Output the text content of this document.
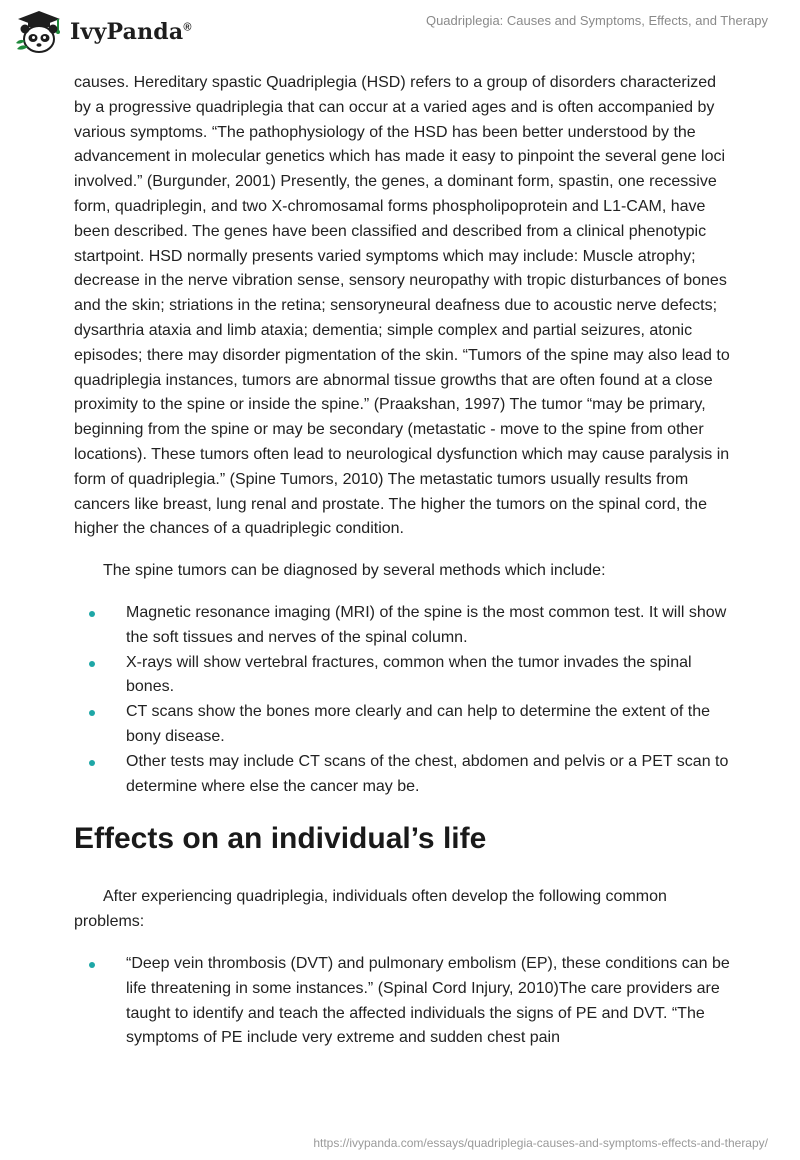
IvyPanda®	Quadriplegia: Causes and Symptoms, Effects, and Therapy

causes. Hereditary spastic Quadriplegia (HSD) refers to a group of disorders characterized by a progressive quadriplegia that can occur at a varied ages and is often accompanied by various symptoms. “The pathophysiology of the HSD has been better understood by the advancement in molecular genetics which has made it easy to pinpoint the several gene loci involved.” (Burgunder, 2001) Presently, the genes, a dominant form, spastin, one recessive form, quadriplegin, and two X-chromosamal forms phospholipoprotein and L1-CAM, have been described. The genes have been classified and described from a clinical phenotypic startpoint. HSD normally presents varied symptoms which may include: Muscle atrophy; decrease in the nerve vibration sense, sensory neuropathy with tropic disturbances of bones and the skin; striations in the retina; sensoryneural deafness due to acoustic nerve defects; dysarthria ataxia and limb ataxia; dementia; simple complex and partial seizures, atonic episodes; there may disorder pigmentation of the skin. “Tumors of the spine may also lead to quadriplegia instances, tumors are abnormal tissue growths that are often found at a close proximity to the spine or inside the spine.” (Praakshan, 1997) The tumor “may be primary, beginning from the spine or may be secondary (metastatic - move to the spine from other locations). These tumors often lead to neurological dysfunction which may cause paralysis in form of quadriplegia.” (Spine Tumors, 2010) The metastatic tumors usually results from cancers like breast, lung renal and prostate. The higher the tumors on the spinal cord, the higher the chances of a quadriplegic condition.

The spine tumors can be diagnosed by several methods which include:

Magnetic resonance imaging (MRI) of the spine is the most common test. It will show the soft tissues and nerves of the spinal column.
X-rays will show vertebral fractures, common when the tumor invades the spinal bones.
CT scans show the bones more clearly and can help to determine the extent of the bony disease.
Other tests may include CT scans of the chest, abdomen and pelvis or a PET scan to determine where else the cancer may be.
Effects on an individual’s life

After experiencing quadriplegia, individuals often develop the following common problems:

“Deep vein thrombosis (DVT) and pulmonary embolism (EP), these conditions can be life threatening in some instances.” (Spinal Cord Injury, 2010)The care providers are taught to identify and teach the affected individuals the signs of PE and DVT. “The symptoms of PE include very extreme and sudden chest pain
https://ivypanda.com/essays/quadriplegia-causes-and-symptoms-effects-and-therapy/
